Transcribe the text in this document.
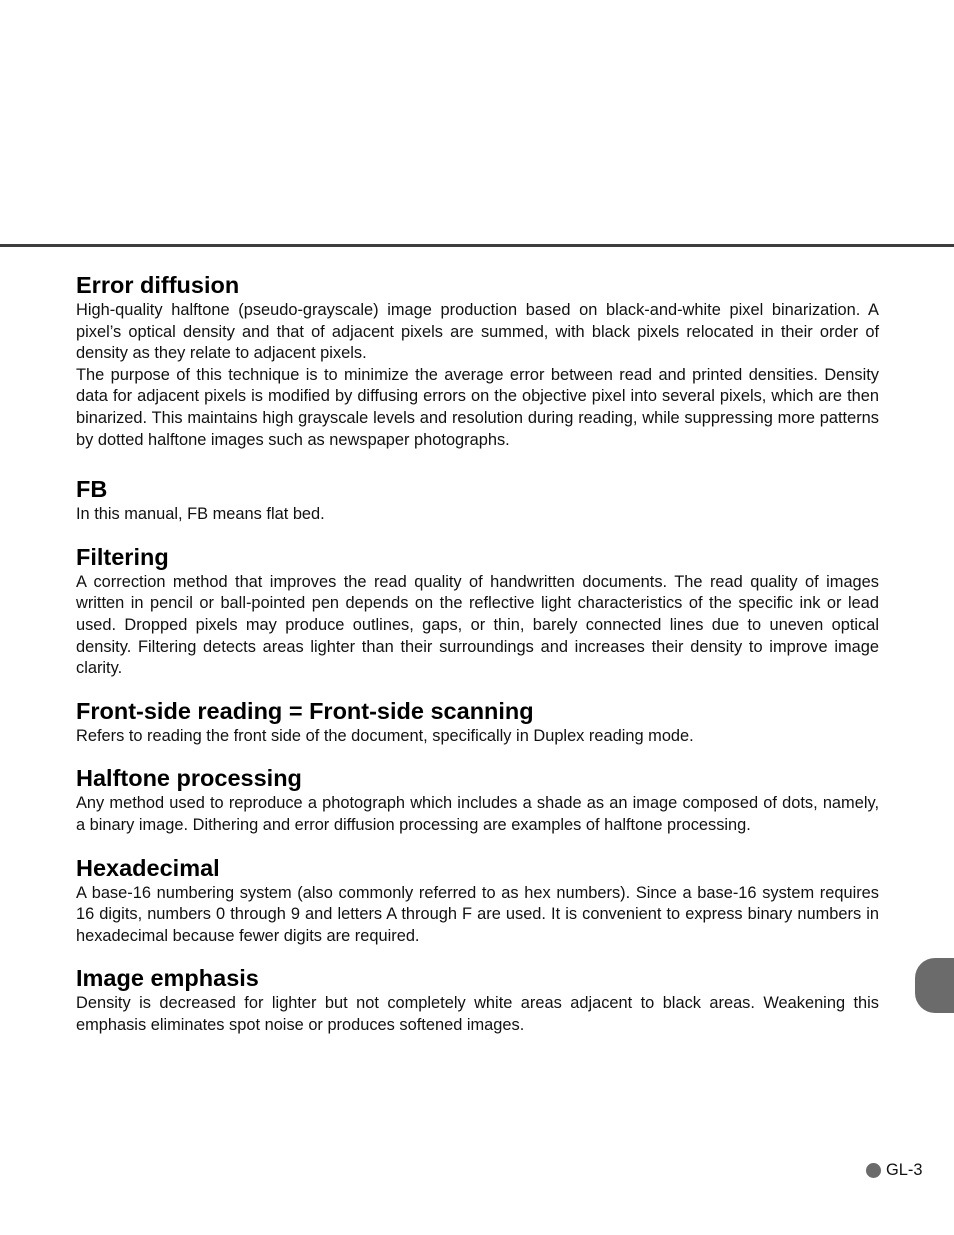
Error diffusion

High-quality halftone (pseudo-grayscale) image production based on black-and-white pixel binarization. A pixel’s optical density and that of adjacent pixels are summed, with black pixels relocated in their order of density as they relate to adjacent pixels.

The purpose of this technique is to minimize the average error between read and printed densities. Density data for adjacent pixels is modified by diffusing errors on the objective pixel into several pixels, which are then binarized. This maintains high grayscale levels and resolution during reading, while suppressing more patterns by dotted halftone images such as newspaper photographs.

FB

In this manual, FB means flat bed.

Filtering

A correction method that improves the read quality of handwritten documents. The read quality of images written in pencil or ball-pointed pen depends on the reflective light characteristics of the specific ink or lead used. Dropped pixels may produce outlines, gaps, or thin, barely connected lines due to uneven optical density. Filtering detects areas lighter than their surroundings and increases their density to improve image clarity.

Front-side reading = Front-side scanning

Refers to reading the front side of the document, specifically in Duplex reading mode.

Halftone processing

Any method used to reproduce a photograph which includes a shade as an image composed of dots, namely, a binary image. Dithering and error diffusion processing are examples of halftone processing.

Hexadecimal

A base-16 numbering system (also commonly referred to as hex numbers). Since a base-16 system requires 16 digits, numbers 0 through 9 and letters A through F are used. It is convenient to express binary numbers in hexadecimal because fewer digits are required.

Image emphasis

Density is decreased for lighter but not completely white areas adjacent to black areas. Weakening this emphasis eliminates spot noise or produces softened images.

GL-3
